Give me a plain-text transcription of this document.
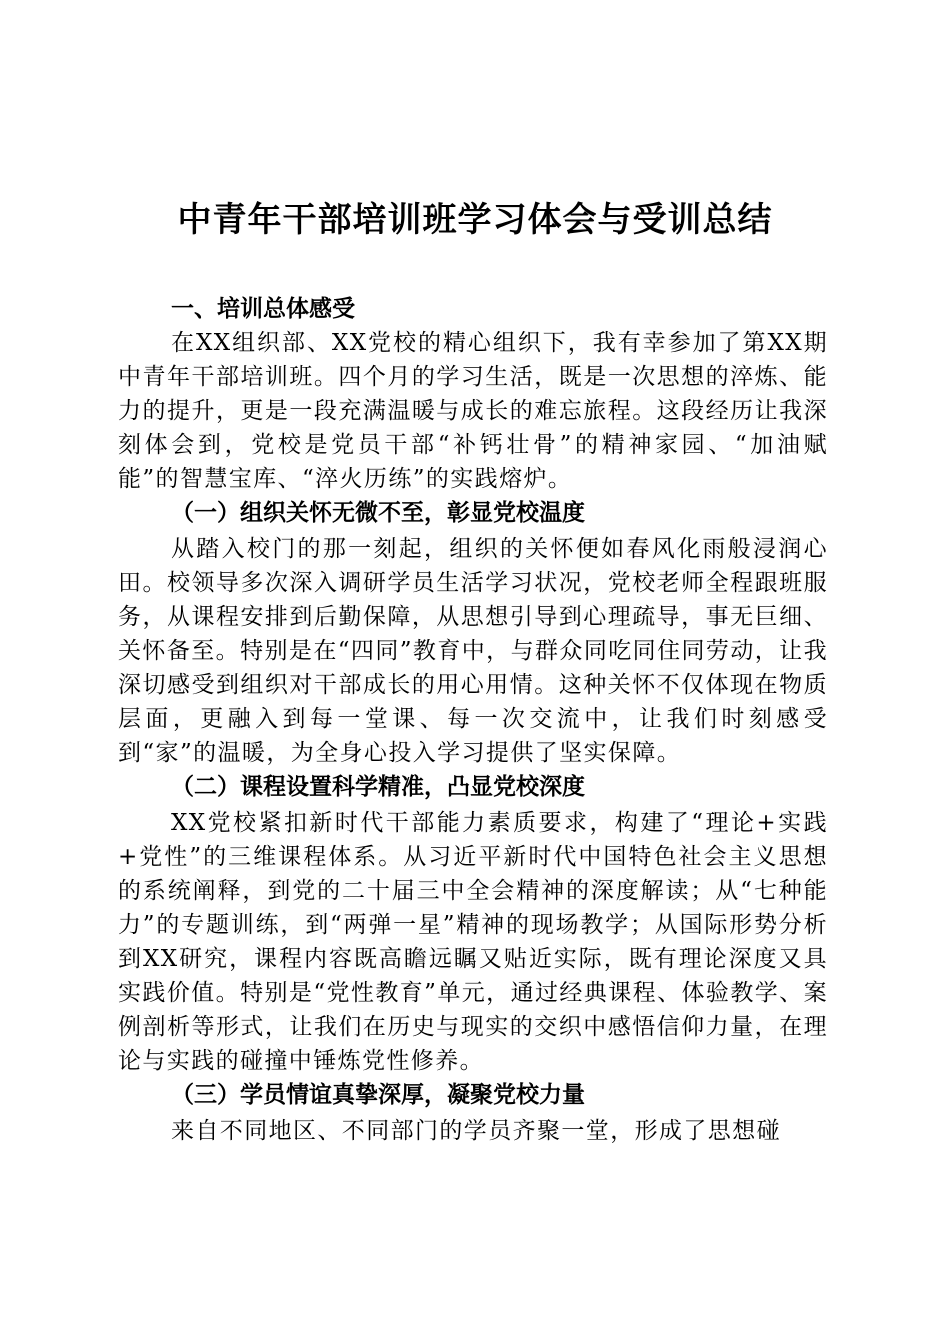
中青年干部培训班学习体会与受训总结

一、培训总体感受

在XX组织部、XX党校的精心组织下，我有幸参加了第XX期中青年干部培训班。四个月的学习生活，既是一次思想的淬炼、能力的提升，更是一段充满温暖与成长的难忘旅程。这段经历让我深刻体会到，党校是党员干部“补钙壮骨”的精神家园、“加油赋能”的智慧宝库、“淬火历练”的实践熔炉。

（一）组织关怀无微不至，彰显党校温度

从踏入校门的那一刻起，组织的关怀便如春风化雨般浸润心田。校领导多次深入调研学员生活学习状况，党校老师全程跟班服务，从课程安排到后勤保障，从思想引导到心理疏导，事无巨细、关怀备至。特别是在“四同”教育中，与群众同吃同住同劳动，让我深切感受到组织对干部成长的用心用情。这种关怀不仅体现在物质层面，更融入到每一堂课、每一次交流中，让我们时刻感受到“家”的温暖，为全身心投入学习提供了坚实保障。

（二）课程设置科学精准，凸显党校深度

XX党校紧扣新时代干部能力素质要求，构建了“理论+实践+党性”的三维课程体系。从习近平新时代中国特色社会主义思想的系统阐释，到党的二十届三中全会精神的深度解读；从“七种能力”的专题训练，到“两弹一星”精神的现场教学；从国际形势分析到XX研究，课程内容既高瞻远瞩又贴近实际，既有理论深度又具实践价值。特别是“党性教育”单元，通过经典课程、体验教学、案例剖析等形式，让我们在历史与现实的交织中感悟信仰力量，在理论与实践的碰撞中锤炼党性修养。

（三）学员情谊真挚深厚，凝聚党校力量

来自不同地区、不同部门的学员齐聚一堂，形成了思想碰
